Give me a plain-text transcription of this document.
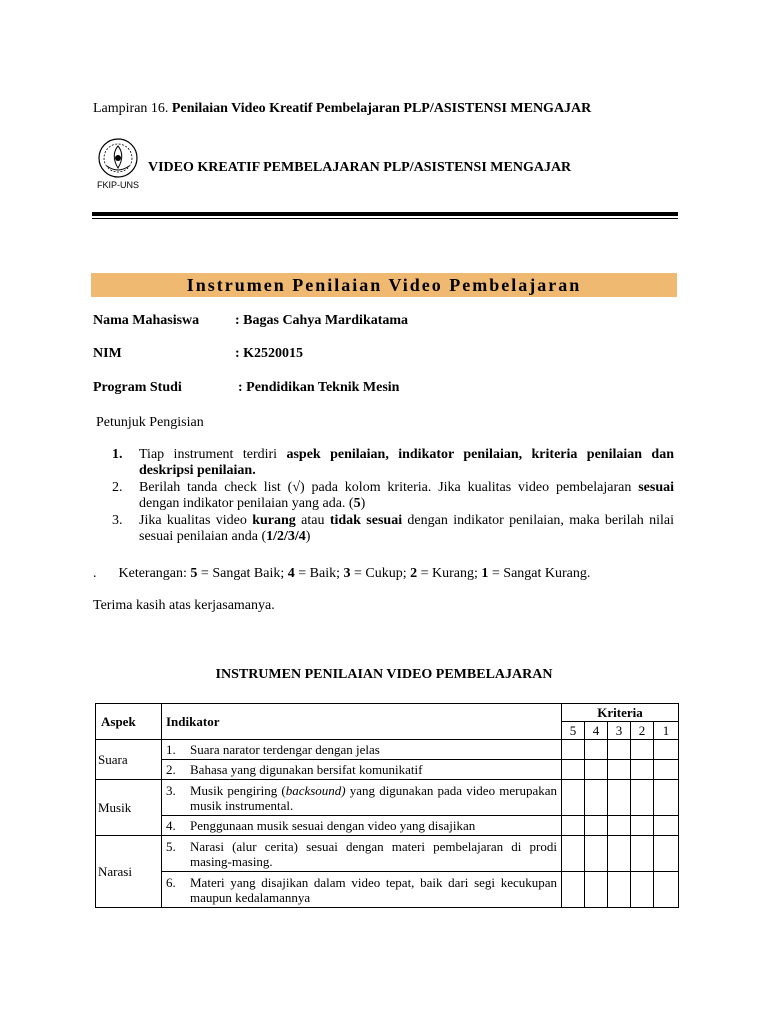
Lampiran 16. Penilaian Video Kreatif Pembelajaran PLP/ASISTENSI MENGAJAR
FKIP-UNS
VIDEO KREATIF PEMBELAJARAN PLP/ASISTENSI MENGAJAR
Instrumen Penilaian Video Pembelajaran
Nama Mahasiswa	: Bagas Cahya Mardikatama
NIM	: K2520015
Program Studi	: Pendidikan Teknik Mesin
Petunjuk Pengisian
1.	Tiap instrument terdiri aspek penilaian, indikator penilaian, kriteria penilaian dan deskripsi penilaian.
2.	Berilah tanda check list (√) pada kolom kriteria. Jika kualitas video pembelajaran sesuai dengan indikator penilaian yang ada. (5)
3.	Jika kualitas video kurang atau tidak sesuai dengan indikator penilaian, maka berilah nilai sesuai penilaian anda (1/2/3/4)
. Keterangan: 5 = Sangat Baik; 4 = Baik; 3 = Cukup; 2 = Kurang; 1 = Sangat Kurang.
Terima kasih atas kerjasamanya.
INSTRUMEN PENILAIAN VIDEO PEMBELAJARAN
Aspek	Indikator	Kriteria				
		5	4	3	2	1
Suara	1. Suara narator terdengar dengan jelas					

	2. Bahasa yang digunakan bersifat komunikatif					

Musik	3. Musik pengiring (backsound) yang digunakan pada video merupakan musik instrumental.					

	4. Penggunaan musik sesuai dengan video yang disajikan					

Narasi	5. Narasi (alur cerita) sesuai dengan materi pembelajaran di prodi masing-masing.					

	6. Materi yang disajikan dalam video tepat, baik dari segi kecukupan maupun kedalamannya					
